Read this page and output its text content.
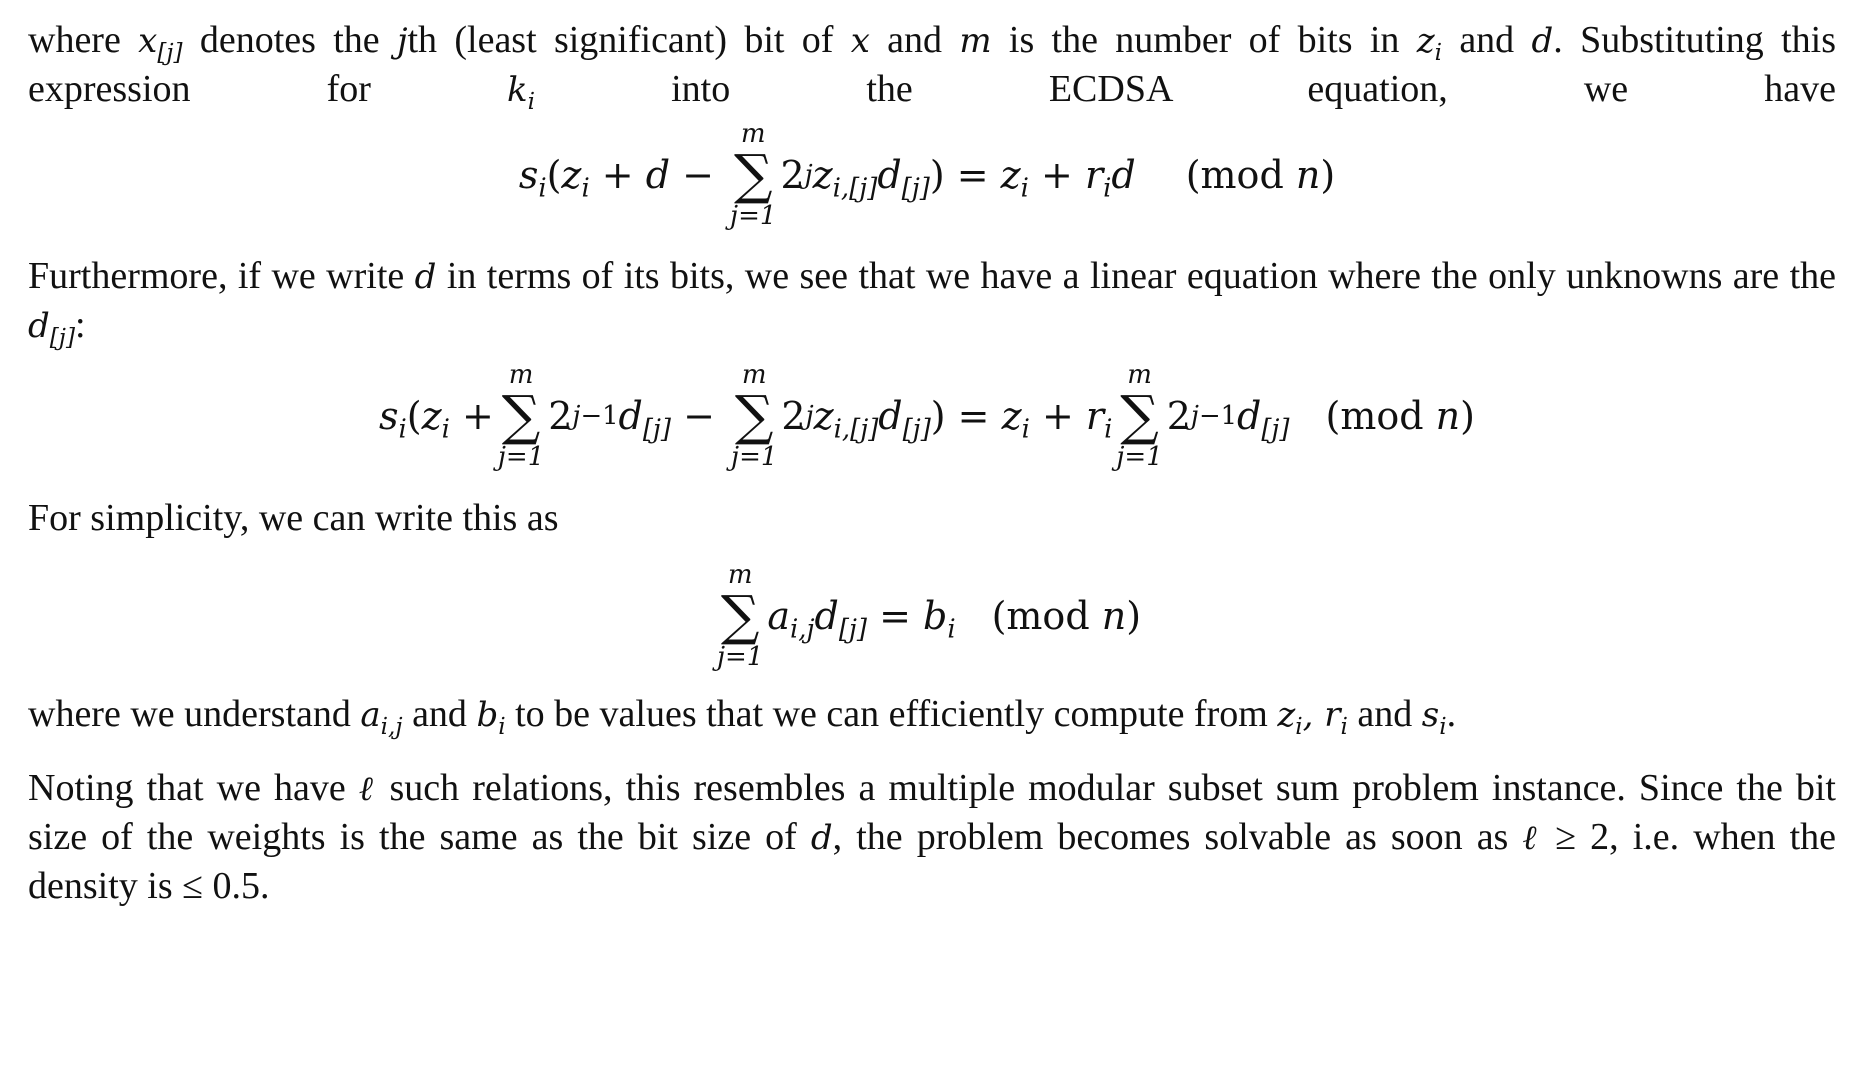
where $x_{[j]}$ denotes the jth (least significant) bit of x and m is the number of bits in $z_i$ and d. Substituting this expression for $k_i$ into the ECDSA equation, we have
$s_i$ ( $z_i + d$ −
m
∑
j=1
2 j $z_{i,[j]}d_{[j]}$ ) = $z_i + r_id$ (mod
n )
Furthermore, if we write d in terms of its bits, we see that we have a linear equation where the only unknowns are the $d_{[j]}$:
$s_i$ ( $z_i$ +
m
∑
j=1
2 j−1 $d_{[j]}$ −
m
∑
j=1
2 j $z_{i,[j]}d_{[j]}$ ) = $z_i + r_i$
m
∑
j=1
2 j−1 $d_{[j]}$ (mod
n )
For simplicity, we can write this as
m
∑
j=1
$a_{i,j}d_{[j]} = b_i$ (mod
n )
where we understand $a_{i,j}$ and $b_i$ to be values that we can efficiently compute from $z_i$, $r_i$ and $s_i$.
Noting that we have ℓ such relations, this resembles a multiple modular subset sum problem instance. Since the bit size of the weights is the same as the bit size of d, the problem becomes solvable as soon as ℓ ≥ 2, i.e. when the density is ≤ 0.5.
